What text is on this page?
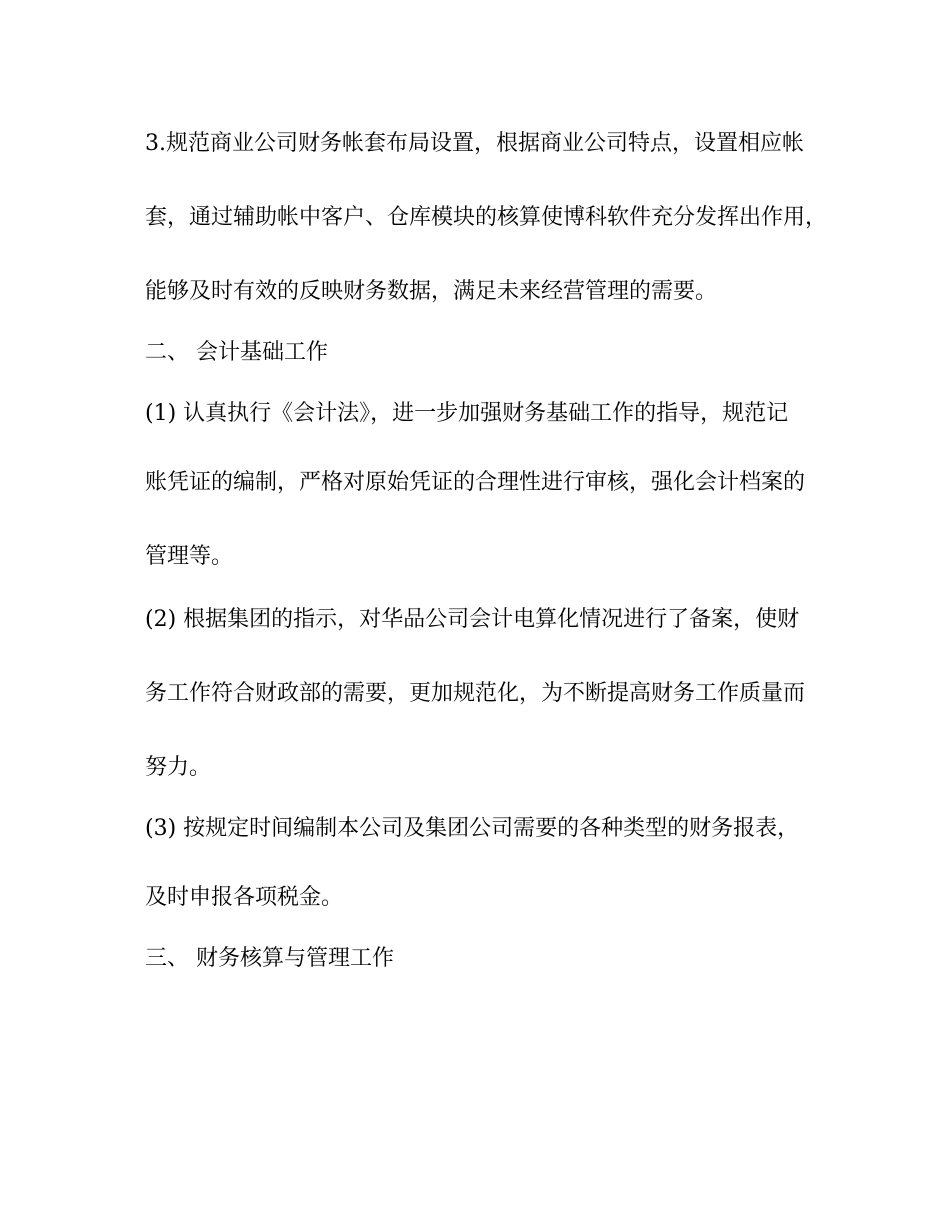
3.规范商业公司财务帐套布局设置，根据商业公司特点，设置相应帐
套，通过辅助帐中客户、仓库模块的核算使博科软件充分发挥出作用，
能够及时有效的反映财务数据，满足未来经营管理的需要。
二、 会计基础工作
(1) 认真执行《会计法》，进一步加强财务基础工作的指导，规范记
账凭证的编制，严格对原始凭证的合理性进行审核，强化会计档案的
管理等。
(2) 根据集团的指示，对华品公司会计电算化情况进行了备案，使财
务工作符合财政部的需要，更加规范化，为不断提高财务工作质量而
努力。
(3) 按规定时间编制本公司及集团公司需要的各种类型的财务报表，
及时申报各项税金。
三、 财务核算与管理工作
